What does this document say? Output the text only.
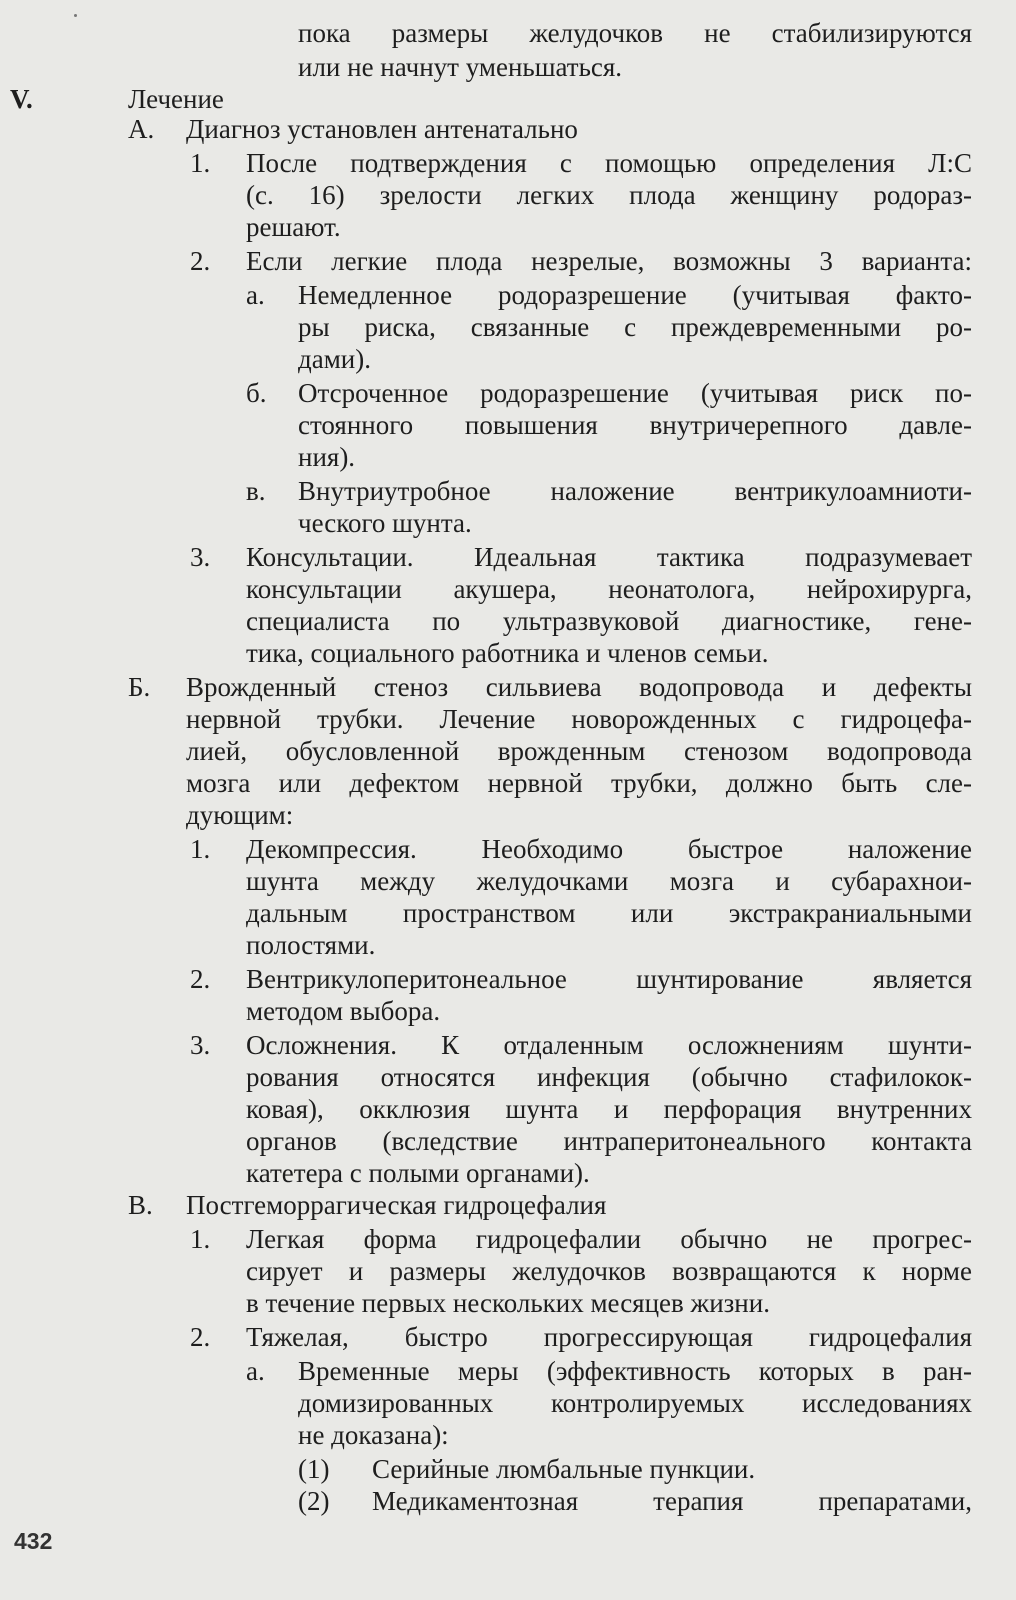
пока размеры желудочков не стабилизируются
или не начнут уменьшаться.
V.	Лечение
А. Диагноз установлен антенатально
1. После подтверждения с помощью определения Л:С
(с. 16) зрелости легких плода женщину родораз-
решают.
2. Если легкие плода незрелые, возможны 3 варианта:
а. Немедленное родоразрешение (учитывая факто-
ры риска, связанные с преждевременными ро-
дами).
б. Отсроченное родоразрешение (учитывая риск по-
стоянного повышения внутричерепного давле-
ния).
в. Внутриутробное наложение вентрикулоамниоти-
ческого шунта.
3. Консультации. Идеальная тактика подразумевает
консультации акушера, неонатолога, нейрохирурга,
специалиста по ультразвуковой диагностике, гене-
тика, социального работника и членов семьи.
Б. Врожденный стеноз сильвиева водопровода и дефекты
нервной трубки. Лечение новорожденных с гидроцефа-
лией, обусловленной врожденным стенозом водопровода
мозга или дефектом нервной трубки, должно быть сле-
дующим:
1. Декомпрессия. Необходимо быстрое наложение
шунта между желудочками мозга и субарахнои-
дальным пространством или экстракраниальными
полостями.
2. Вентрикулоперитонеальное шунтирование является
методом выбора.
3. Осложнения. К отдаленным осложнениям шунти-
рования относятся инфекция (обычно стафилокок-
ковая), окклюзия шунта и перфорация внутренних
органов (вследствие интраперитонеального контакта
катетера с полыми органами).
В. Постгеморрагическая гидроцефалия
1. Легкая форма гидроцефалии обычно не прогрес-
сирует и размеры желудочков возвращаются к норме
в течение первых нескольких месяцев жизни.
2. Тяжелая, быстро прогрессирующая гидроцефалия
а. Временные меры (эффективность которых в ран-
домизированных контролируемых исследованиях
не доказана):
(1) Серийные люмбальные пункции.
(2) Медикаментозная терапия препаратами,
432
